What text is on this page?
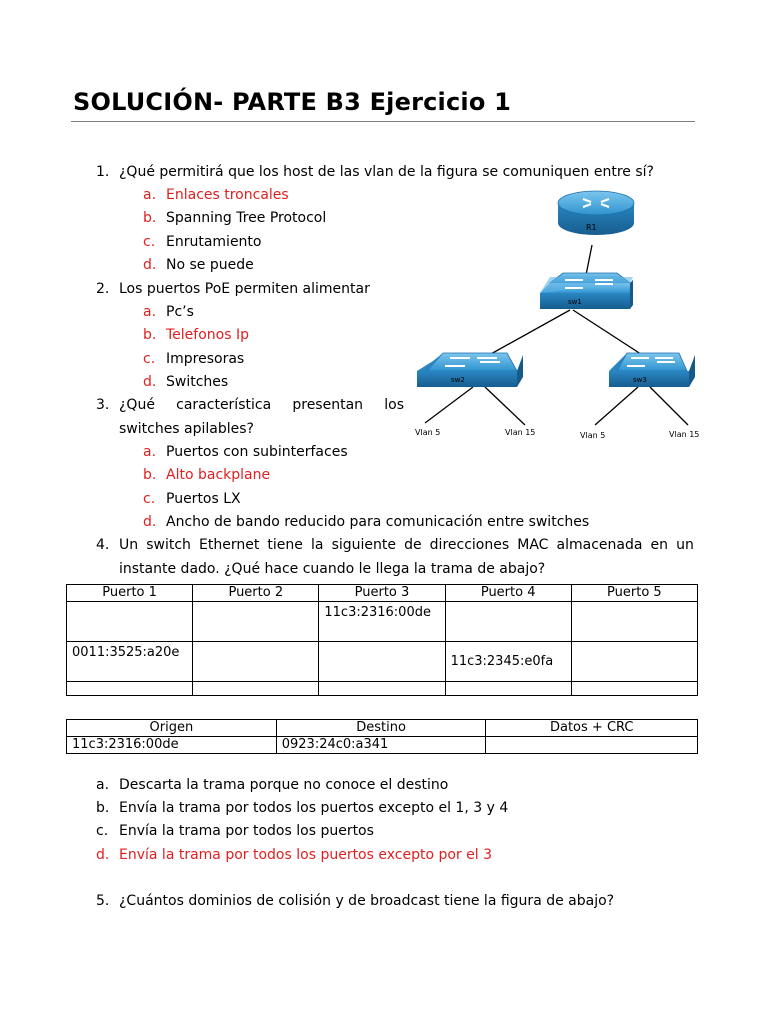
SOLUCIÓN- PARTE B3 Ejercicio 1
1. ¿Qué permitirá que los host de las vlan de la figura se comuniquen entre sí?
a. Enlaces troncales
b. Spanning Tree Protocol
c. Enrutamiento
d. No se puede
2. Los puertos PoE permiten alimentar
a. Pc’s
b. Telefonos Ip
c. Impresoras
d. Switches
3. ¿Qué característica presentan los
switches apilables?
a. Puertos con subinterfaces
b. Alto backplane
c. Puertos LX
d. Ancho de bando reducido para comunicación entre switches
4. Un switch Ethernet tiene la siguiente de direcciones MAC almacenada en un
instante dado. ¿Qué hace cuando le llega la trama de abajo?
Puerto 1	Puerto 2	Puerto 3	Puerto 4	Puerto 5
		11c3:2316:00de		
0011:3525:a20e			11c3:2345:e0fa	

Origen	Destino	Datos + CRC
11c3:2316:00de	0923:24c0:a341	
a. Descarta la trama porque no conoce el destino
b. Envía la trama por todos los puertos excepto el 1, 3 y 4
c. Envía la trama por todos los puertos
d. Envía la trama por todos los puertos excepto por el 3
5. ¿Cuántos dominios de colisión y de broadcast tiene la figura de abajo?
R1
sw1
sw2	sw3
Vlan 5	Vlan 15	Vlan 5	Vlan 15
